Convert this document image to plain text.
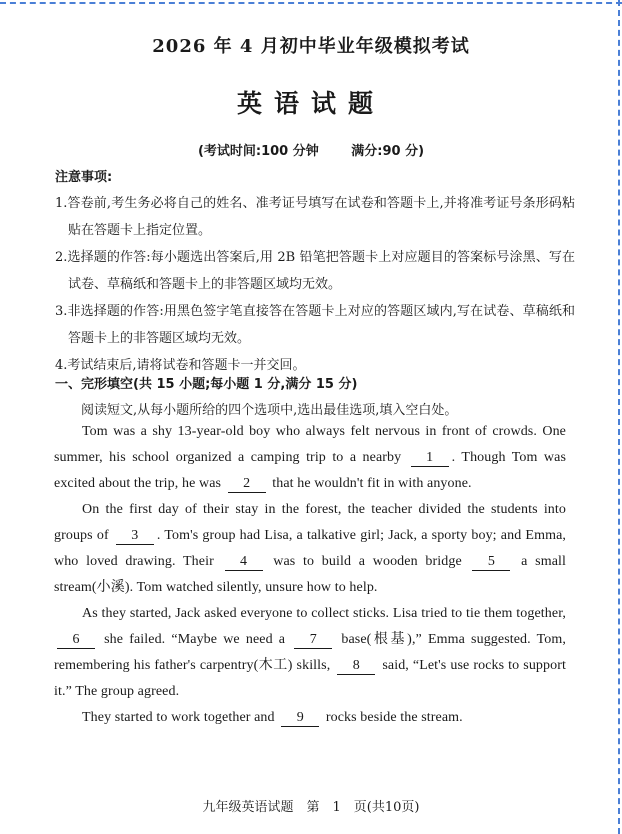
2026 年 4 月初中毕业年级模拟考试
英语试题
(考试时间:100 分钟	满分:90 分)
注意事项:

1.答卷前,考生务必将自己的姓名、准考证号填写在试卷和答题卡上,并将准考证号条形码粘贴在答题卡上指定位置。

2.选择题的作答:每小题选出答案后,用 2B 铅笔把答题卡上对应题目的答案标号涂黑、写在试卷、草稿纸和答题卡上的非答题区域均无效。

3.非选择题的作答:用黑色签字笔直接答在答题卡上对应的答题区域内,写在试卷、草稿纸和答题卡上的非答题区域均无效。

4.考试结束后,请将试卷和答题卡一并交回。

一、完形填空(共 15 小题;每小题 1 分,满分 15 分)
阅读短文,从每小题所给的四个选项中,选出最佳选项,填入空白处。

Tom was a shy 13-year-old boy who always felt nervous in front of crowds. One summer, his school organized a camping trip to a nearby 1 . Though Tom was excited about the trip, he was 2 that he wouldn't fit in with anyone.

On the first day of their stay in the forest, the teacher divided the students into groups of 3 . Tom's group had Lisa, a talkative girl; Jack, a sporty boy; and Emma, who loved drawing. Their 4 was to build a wooden bridge 5 a small stream(小溪). Tom watched silently, unsure how to help.

As they started, Jack asked everyone to collect sticks. Lisa tried to tie them together, 6 she failed. “Maybe we need a 7 base(根基),” Emma suggested. Tom, remembering his father's carpentry(木工) skills, 8 said, “Let's use rocks to support it.” The group agreed.

They started to work together and 9 rocks beside the stream.

九年级英语试题　第　1　页(共10页)
